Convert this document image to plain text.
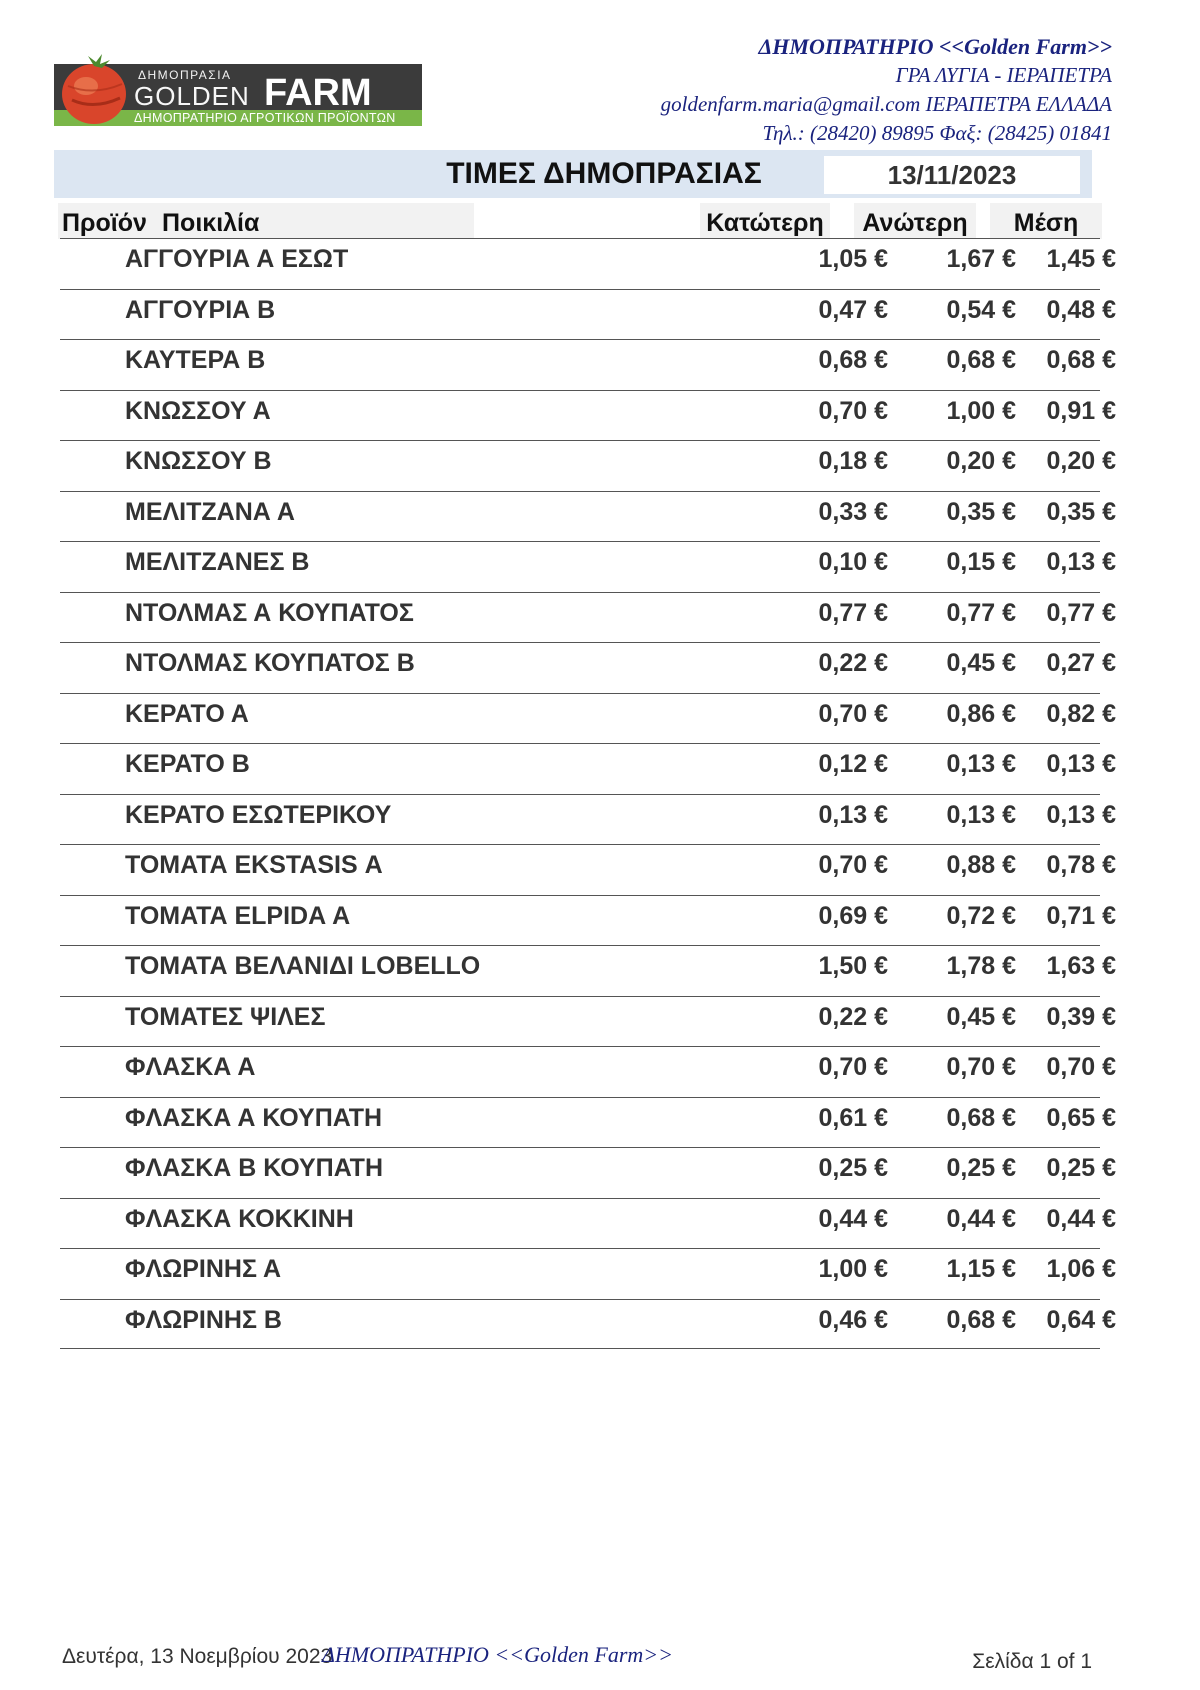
ΔΗΜΟΠΡΑΤΗΡΙΟ ΑΓΡΟΤΙΚΩΝ ΠΡΟΪΟΝΤΩΝ
ΔΗΜΟΠΡΑΣΙΑ
GOLDEN FARM
ΔΗΜΟΠΡΑΤΗΡΙΟ <<Golden Farm>>
ΓΡΑ ΛΥΓΙΑ - ΙΕΡΑΠΕΤΡΑ
goldenfarm.maria@gmail.com ΙΕΡΑΠΕΤΡΑ ΕΛΛΑΔΑ
Τηλ.: (28420) 89895 Φαξ: (28425) 01841
ΤΙΜΕΣ ΔΗΜΟΠΡΑΣΙΑΣ	13/11/2023
Προϊόν Ποικιλία	Κατώτερη	Ανώτερη	Μέση
ΑΓΓΟΥΡΙΑ Α ΕΣΩΤ	1,05 € 1,67 € 1,45 €
ΑΓΓΟΥΡΙΑ Β	0,47 € 0,54 € 0,48 €
ΚΑΥΤΕΡΑ Β	0,68 € 0,68 € 0,68 €
ΚΝΩΣΣΟΥ Α	0,70 € 1,00 € 0,91 €
ΚΝΩΣΣΟΥ Β	0,18 € 0,20 € 0,20 €
ΜΕΛΙΤΖΑΝΑ Α	0,33 € 0,35 € 0,35 €
ΜΕΛΙΤΖΑΝΕΣ Β	0,10 € 0,15 € 0,13 €
ΝΤΟΛΜΑΣ Α ΚΟΥΠΑΤΟΣ	0,77 € 0,77 € 0,77 €
ΝΤΟΛΜΑΣ ΚΟΥΠΑΤΟΣ Β	0,22 € 0,45 € 0,27 €
ΚΕΡΑΤΟ Α	0,70 € 0,86 € 0,82 €
ΚΕΡΑΤΟ Β	0,12 € 0,13 € 0,13 €
ΚΕΡΑΤΟ ΕΣΩΤΕΡΙΚΟΥ	0,13 € 0,13 € 0,13 €
ΤΟΜΑΤΑ EKSTASIS Α	0,70 € 0,88 € 0,78 €
ΤΟΜΑΤΑ ELPIDA Α	0,69 € 0,72 € 0,71 €
ΤΟΜΑΤΑ ΒΕΛΑΝΙΔΙ LOBELLO	1,50 € 1,78 € 1,63 €
ΤΟΜΑΤΕΣ ΨΙΛΕΣ	0,22 € 0,45 € 0,39 €
ΦΛΑΣΚΑ Α	0,70 € 0,70 € 0,70 €
ΦΛΑΣΚΑ Α ΚΟΥΠΑΤΗ	0,61 € 0,68 € 0,65 €
ΦΛΑΣΚΑ Β ΚΟΥΠΑΤΗ	0,25 € 0,25 € 0,25 €
ΦΛΑΣΚΑ ΚΟΚΚΙΝΗ	0,44 € 0,44 € 0,44 €
ΦΛΩΡΙΝΗΣ Α	1,00 € 1,15 € 1,06 €
ΦΛΩΡΙΝΗΣ Β	0,46 € 0,68 € 0,64 €
Δευτέρα, 13 Νοεμβρίου 2023
ΔΗΜΟΠΡΑΤΗΡΙΟ <<Golden Farm>>	Σελίδα 1 of 1
